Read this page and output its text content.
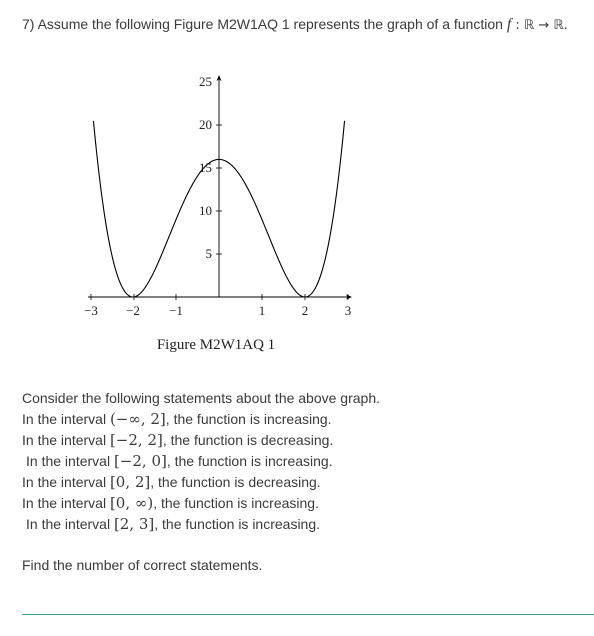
7) Assume the following Figure M2W1AQ 1 represents the graph of a function f : ℝ → ℝ.
−3 −2 −1	1	2	3
25
20
15
10
5
Figure M2W1AQ 1
Consider the following statements about the above graph.
In the interval (−∞, 2], the function is increasing.
In the interval [−2, 2], the function is decreasing.
In the interval [−2, 0], the function is increasing.
In the interval [0, 2], the function is decreasing.
In the interval [0, ∞), the function is increasing.
In the interval [2, 3], the function is increasing.
Find the number of correct statements.
